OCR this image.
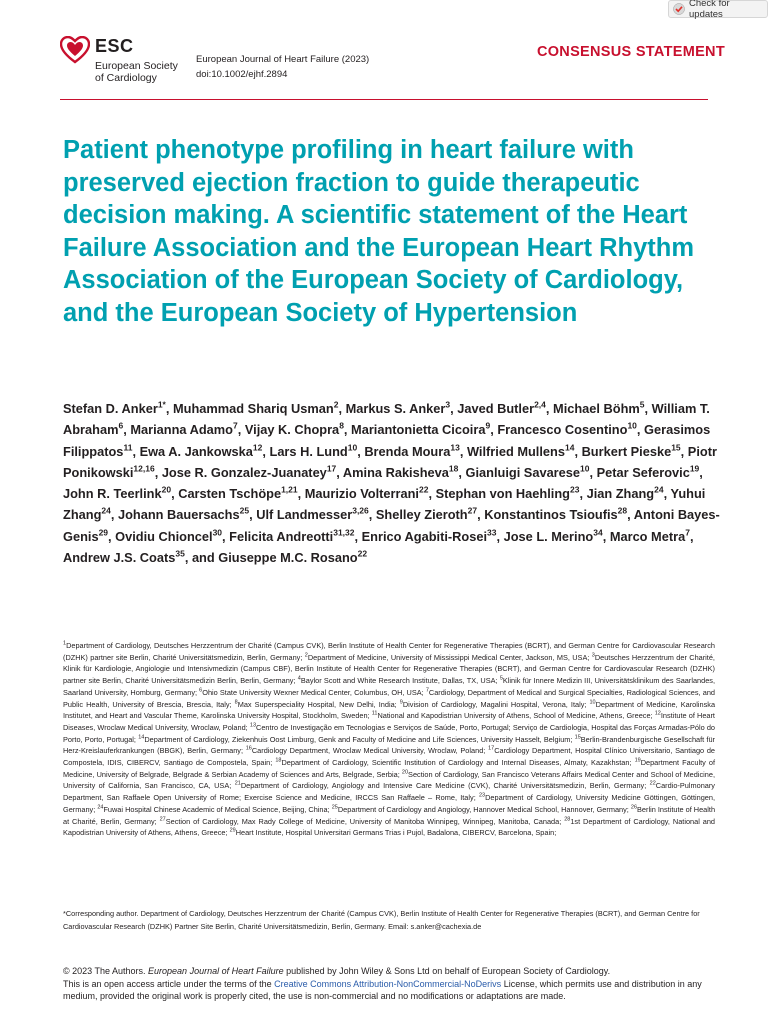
Check for updates
ESC
European Society
of Cardiology
European Journal of Heart Failure (2023)
doi:10.1002/ejhf.2894
CONSENSUS STATEMENT
Patient phenotype profiling in heart failure with preserved ejection fraction to guide therapeutic decision making. A scientific statement of the Heart Failure Association and the European Heart Rhythm Association of the European Society of Cardiology, and the European Society of Hypertension
Stefan D. Anker$^{1*}$, Muhammad Shariq Usman$^2$, Markus S. Anker$^3$, Javed Butler$^{2,4}$, Michael Böhm$^5$, William T. Abraham$^6$, Marianna Adamo$^7$, Vijay K. Chopra$^8$, Mariantonietta Cicoira$^9$, Francesco Cosentino$^{10}$, Gerasimos Filippatos$^{11}$, Ewa A. Jankowska$^{12}$, Lars H. Lund$^{10}$, Brenda Moura$^{13}$, Wilfried Mullens$^{14}$, Burkert Pieske$^{15}$, Piotr Ponikowski$^{12,16}$, Jose R. Gonzalez-Juanatey$^{17}$, Amina Rakisheva$^{18}$, Gianluigi Savarese$^{10}$, Petar Seferovic$^{19}$, John R. Teerlink$^{20}$, Carsten Tschöpe$^{1,21}$, Maurizio Volterrani$^{22}$, Stephan von Haehling$^{23}$, Jian Zhang$^{24}$, Yuhui Zhang$^{24}$, Johann Bauersachs$^{25}$, Ulf Landmesser$^{3,26}$, Shelley Zieroth$^{27}$, Konstantinos Tsioufis$^{28}$, Antoni Bayes-Genis$^{29}$, Ovidiu Chioncel$^{30}$, Felicita Andreotti$^{31,32}$, Enrico Agabiti-Rosei$^{33}$, Jose L. Merino$^{34}$, Marco Metra$^7$, Andrew J.S. Coats$^{35}$, and Giuseppe M.C. Rosano$^{22}$
$^1$Department of Cardiology, Deutsches Herzzentrum der Charité (Campus CVK), Berlin Institute of Health Center for Regenerative Therapies (BCRT), and German Centre for Cardiovascular Research (DZHK) partner site Berlin, Charité Universitätsmedizin, Berlin, Germany; $^2$Department of Medicine, University of Mississippi Medical Center, Jackson, MS, USA; $^3$Deutsches Herzzentrum der Charité, Klinik für Kardiologie, Angiologie und Intensivmedizin (Campus CBF), Berlin Institute of Health Center for Regenerative Therapies (BCRT), and German Centre for Cardiovascular Research (DZHK) partner site Berlin, Charité Universitätsmedizin Berlin, Berlin, Germany; $^4$Baylor Scott and White Research Institute, Dallas, TX, USA; $^5$Klinik für Innere Medizin III, Universitätsklinikum des Saarlandes, Saarland University, Homburg, Germany; $^6$Ohio State University Wexner Medical Center, Columbus, OH, USA; $^7$Cardiology, Department of Medical and Surgical Specialties, Radiological Sciences, and Public Health, University of Brescia, Brescia, Italy; $^8$Max Superspeciality Hospital, New Delhi, India; $^9$Division of Cardiology, Magalini Hospital, Verona, Italy; $^{10}$Department of Medicine, Karolinska Institutet, and Heart and Vascular Theme, Karolinska University Hospital, Stockholm, Sweden; $^{11}$National and Kapodistrian University of Athens, School of Medicine, Athens, Greece; $^{12}$Institute of Heart Diseases, Wroclaw Medical University, Wroclaw, Poland; $^{13}$Centro de Investigação em Tecnologias e Serviços de Saúde, Porto, Portugal; Serviço de Cardiologia, Hospital das Forças Armadas-Pólo do Porto, Porto, Portugal; $^{14}$Department of Cardiology, Ziekenhuis Oost Limburg, Genk and Faculty of Medicine and Life Sciences, University Hasselt, Belgium; $^{15}$Berlin-Brandenburgische Gesellschaft für Herz-Kreislauferkrankungen (BBGK), Berlin, Germany; $^{16}$Cardiology Department, Wroclaw Medical University, Wroclaw, Poland; $^{17}$Cardiology Department, Hospital Clínico Universitario, Santiago de Compostela, IDIS, CIBERCV, Santiago de Compostela, Spain; $^{18}$Department of Cardiology, Scientific Institution of Cardiology and Internal Diseases, Almaty, Kazakhstan; $^{19}$Department Faculty of Medicine, University of Belgrade, Belgrade & Serbian Academy of Sciences and Arts, Belgrade, Serbia; $^{20}$Section of Cardiology, San Francisco Veterans Affairs Medical Center and School of Medicine, University of California, San Francisco, CA, USA; $^{21}$Department of Cardiology, Angiology and Intensive Care Medicine (CVK), Charité Universitätsmedizin, Berlin, Germany; $^{22}$Cardio-Pulmonary Department, San Raffaele Open University of Rome; Exercise Science and Medicine, IRCCS San Raffaele – Rome, Italy; $^{23}$Department of Cardiology, University Medicine Göttingen, Göttingen, Germany; $^{24}$Fuwai Hospital Chinese Academic of Medical Science, Beijing, China; $^{25}$Department of Cardiology and Angiology, Hannover Medical School, Hannover, Germany; $^{26}$Berlin Institute of Health at Charité, Berlin, Germany; $^{27}$Section of Cardiology, Max Rady College of Medicine, University of Manitoba Winnipeg, Winnipeg, Manitoba, Canada; $^{28}$1st Department of Cardiology, National and Kapodistrian University of Athens, Athens, Greece; $^{29}$Heart Institute, Hospital Universitari Germans Trias i Pujol, Badalona, CIBERCV, Barcelona, Spain;
*Corresponding author. Department of Cardiology, Deutsches Herzzentrum der Charité (Campus CVK), Berlin Institute of Health Center for Regenerative Therapies (BCRT), and German Centre for Cardiovascular Research (DZHK) Partner Site Berlin, Charité Universitätsmedizin, Berlin, Germany. Email: s.anker@cachexia.de
© 2023 The Authors. European Journal of Heart Failure published by John Wiley & Sons Ltd on behalf of European Society of Cardiology.
This is an open access article under the terms of the Creative Commons Attribution-NonCommercial-NoDerivs License, which permits use and distribution in any medium, provided the original work is properly cited, the use is non-commercial and no modifications or adaptations are made.
